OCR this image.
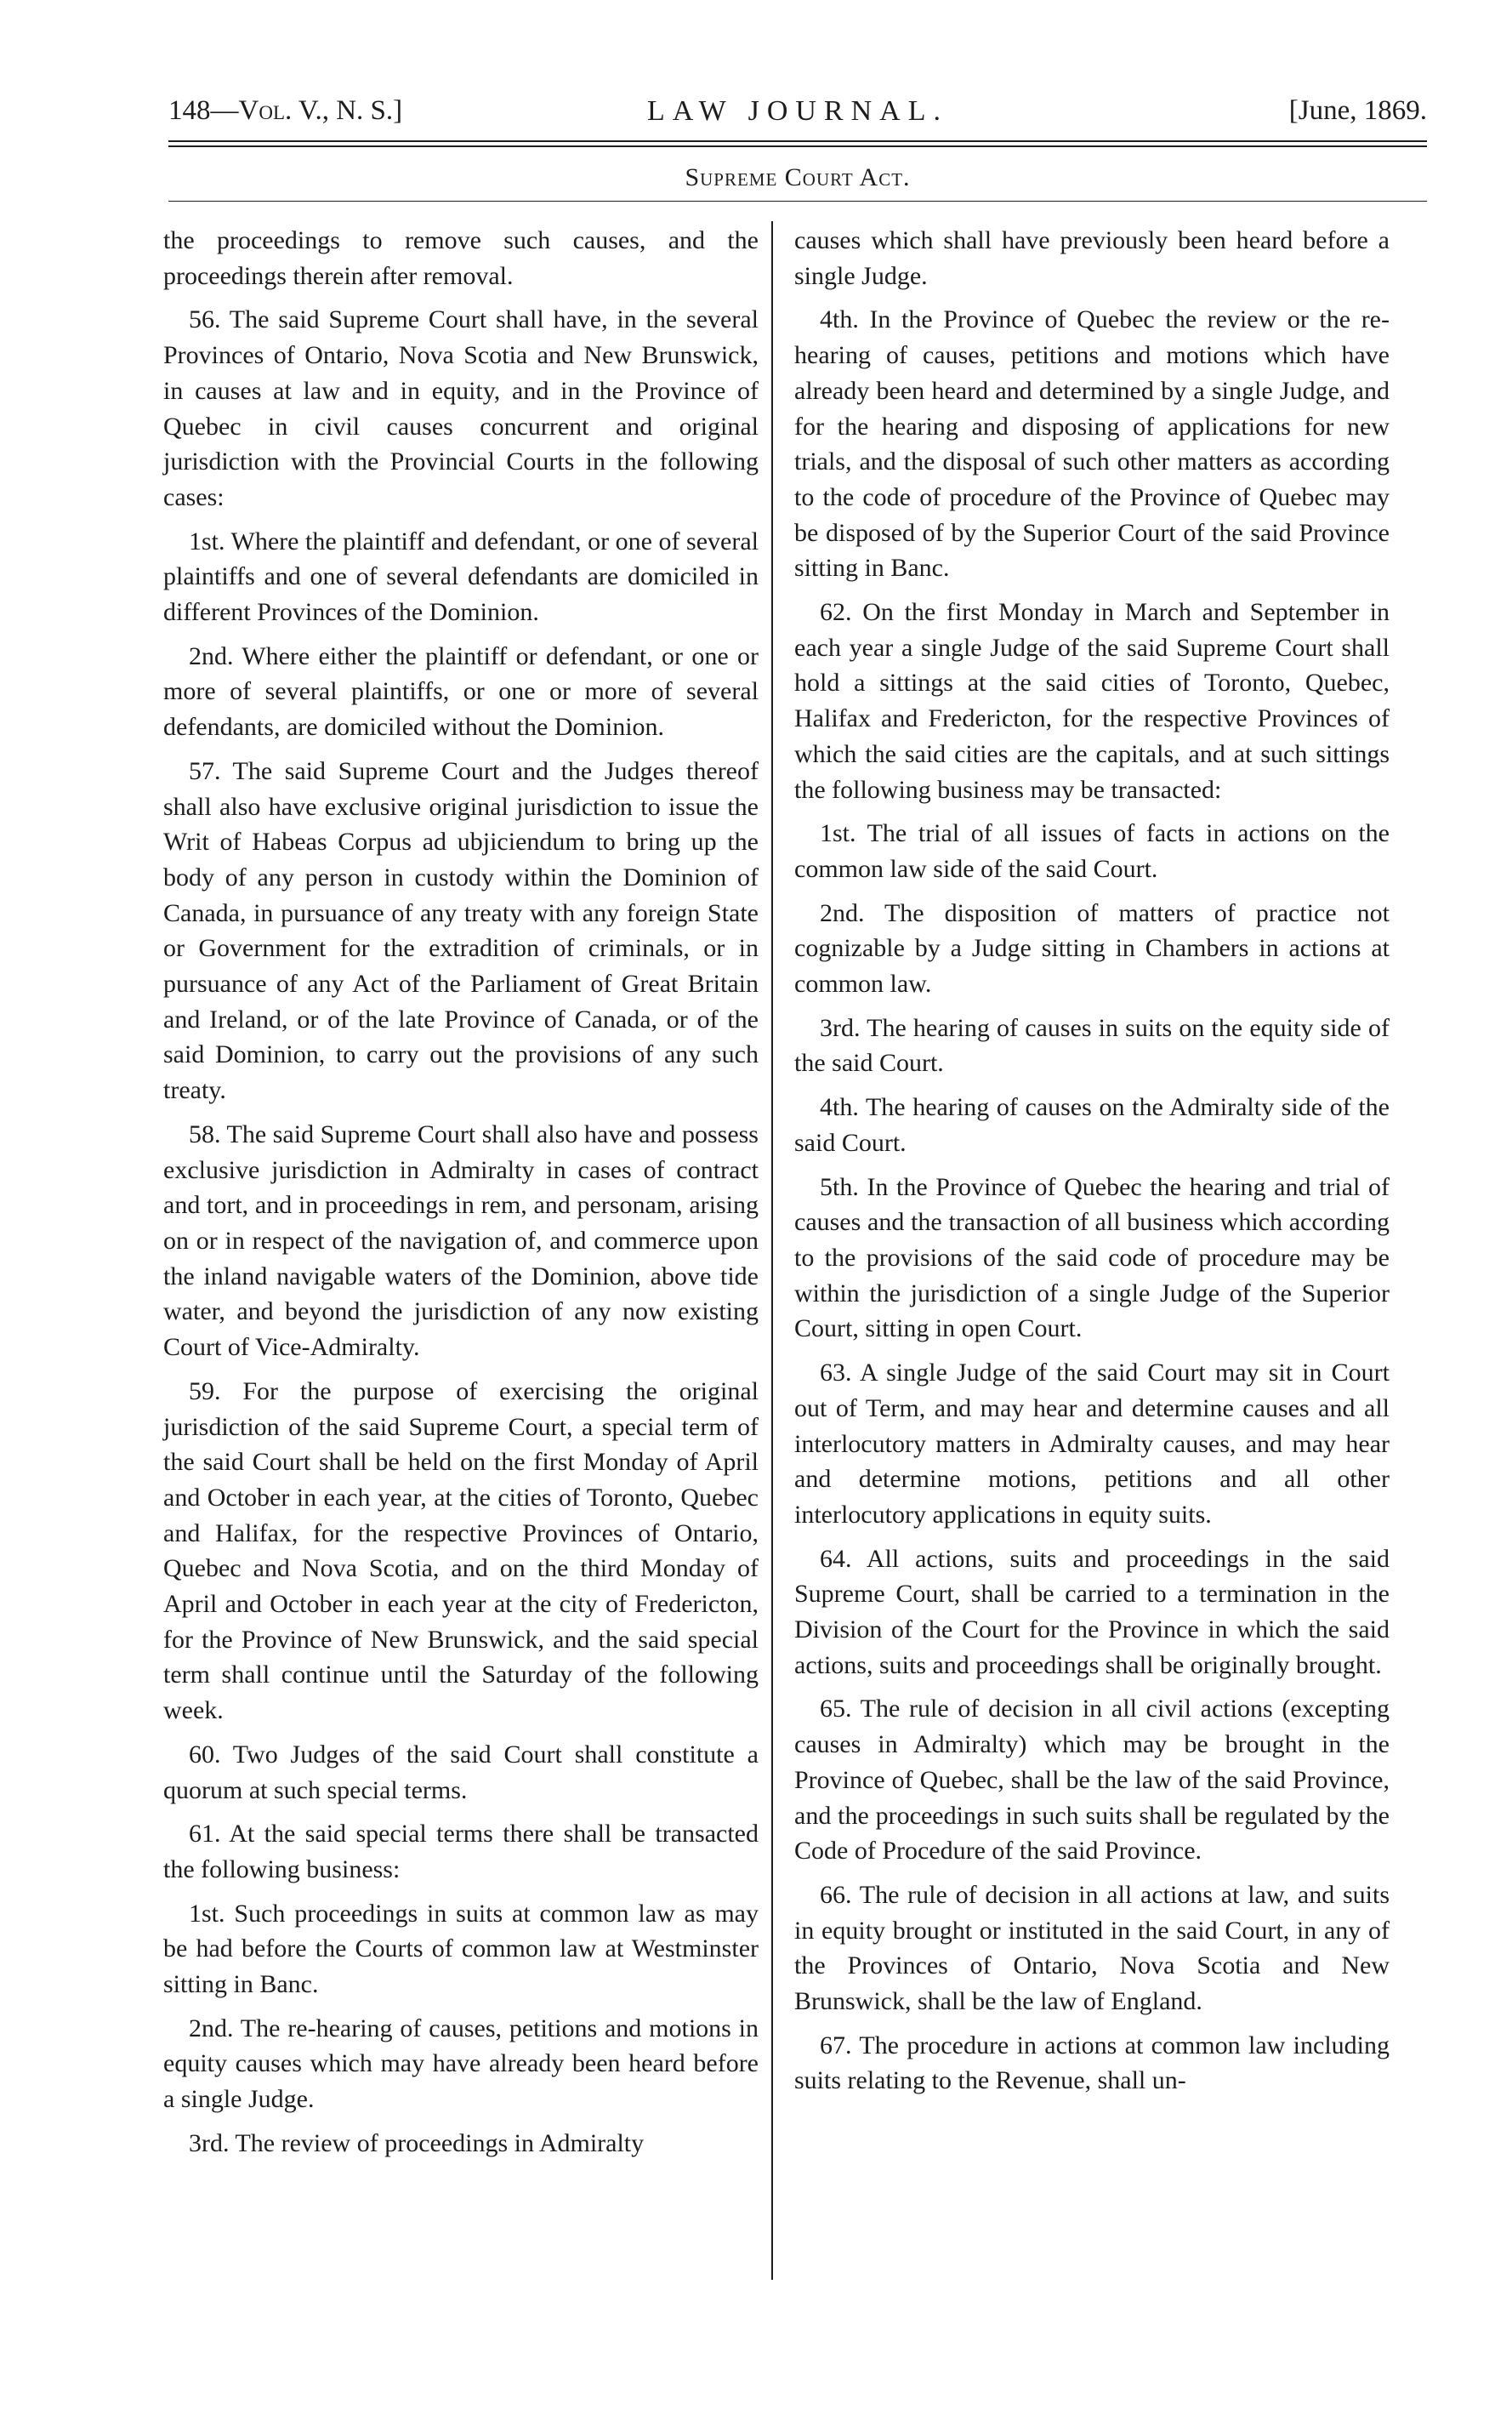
148—Vol. V., N. S.]	LAW JOURNAL.	[June, 1869.
Supreme Court Act.

the proceedings to remove such causes, and the proceedings therein after removal.

56. The said Supreme Court shall have, in the several Provinces of Ontario, Nova Scotia and New Brunswick, in causes at law and in equity, and in the Province of Quebec in civil causes concurrent and original jurisdiction with the Provincial Courts in the following cases:

1st. Where the plaintiff and defendant, or one of several plaintiffs and one of several defendants are domiciled in different Provinces of the Dominion.

2nd. Where either the plaintiff or defendant, or one or more of several plaintiffs, or one or more of several defendants, are domiciled without the Dominion.

57. The said Supreme Court and the Judges thereof shall also have exclusive original jurisdiction to issue the Writ of Habeas Corpus ad ubjiciendum to bring up the body of any person in custody within the Dominion of Canada, in pursuance of any treaty with any foreign State or Government for the extradition of criminals, or in pursuance of any Act of the Parliament of Great Britain and Ireland, or of the late Province of Canada, or of the said Dominion, to carry out the provisions of any such treaty.

58. The said Supreme Court shall also have and possess exclusive jurisdiction in Admiralty in cases of contract and tort, and in proceedings in rem, and personam, arising on or in respect of the navigation of, and commerce upon the inland navigable waters of the Dominion, above tide water, and beyond the jurisdiction of any now existing Court of Vice-Admiralty.

59. For the purpose of exercising the original jurisdiction of the said Supreme Court, a special term of the said Court shall be held on the first Monday of April and October in each year, at the cities of Toronto, Quebec and Halifax, for the respective Provinces of Ontario, Quebec and Nova Scotia, and on the third Monday of April and October in each year at the city of Fredericton, for the Province of New Brunswick, and the said special term shall continue until the Saturday of the following week.

60. Two Judges of the said Court shall constitute a quorum at such special terms.

61. At the said special terms there shall be transacted the following business:

1st. Such proceedings in suits at common law as may be had before the Courts of common law at Westminster sitting in Banc.

2nd. The re-hearing of causes, petitions and motions in equity causes which may have already been heard before a single Judge.

3rd. The review of proceedings in Admiralty

causes which shall have previously been heard before a single Judge.

4th. In the Province of Quebec the review or the re-hearing of causes, petitions and motions which have already been heard and determined by a single Judge, and for the hearing and disposing of applications for new trials, and the disposal of such other matters as according to the code of procedure of the Province of Quebec may be disposed of by the Superior Court of the said Province sitting in Banc.

62. On the first Monday in March and September in each year a single Judge of the said Supreme Court shall hold a sittings at the said cities of Toronto, Quebec, Halifax and Fredericton, for the respective Provinces of which the said cities are the capitals, and at such sittings the following business may be transacted:

1st. The trial of all issues of facts in actions on the common law side of the said Court.

2nd. The disposition of matters of practice not cognizable by a Judge sitting in Chambers in actions at common law.

3rd. The hearing of causes in suits on the equity side of the said Court.

4th. The hearing of causes on the Admiralty side of the said Court.

5th. In the Province of Quebec the hearing and trial of causes and the transaction of all business which according to the provisions of the said code of procedure may be within the jurisdiction of a single Judge of the Superior Court, sitting in open Court.

63. A single Judge of the said Court may sit in Court out of Term, and may hear and determine causes and all interlocutory matters in Admiralty causes, and may hear and determine motions, petitions and all other interlocutory applications in equity suits.

64. All actions, suits and proceedings in the said Supreme Court, shall be carried to a termination in the Division of the Court for the Province in which the said actions, suits and proceedings shall be originally brought.

65. The rule of decision in all civil actions (excepting causes in Admiralty) which may be brought in the Province of Quebec, shall be the law of the said Province, and the proceedings in such suits shall be regulated by the Code of Procedure of the said Province.

66. The rule of decision in all actions at law, and suits in equity brought or instituted in the said Court, in any of the Provinces of Ontario, Nova Scotia and New Brunswick, shall be the law of England.

67. The procedure in actions at common law including suits relating to the Revenue, shall un-
